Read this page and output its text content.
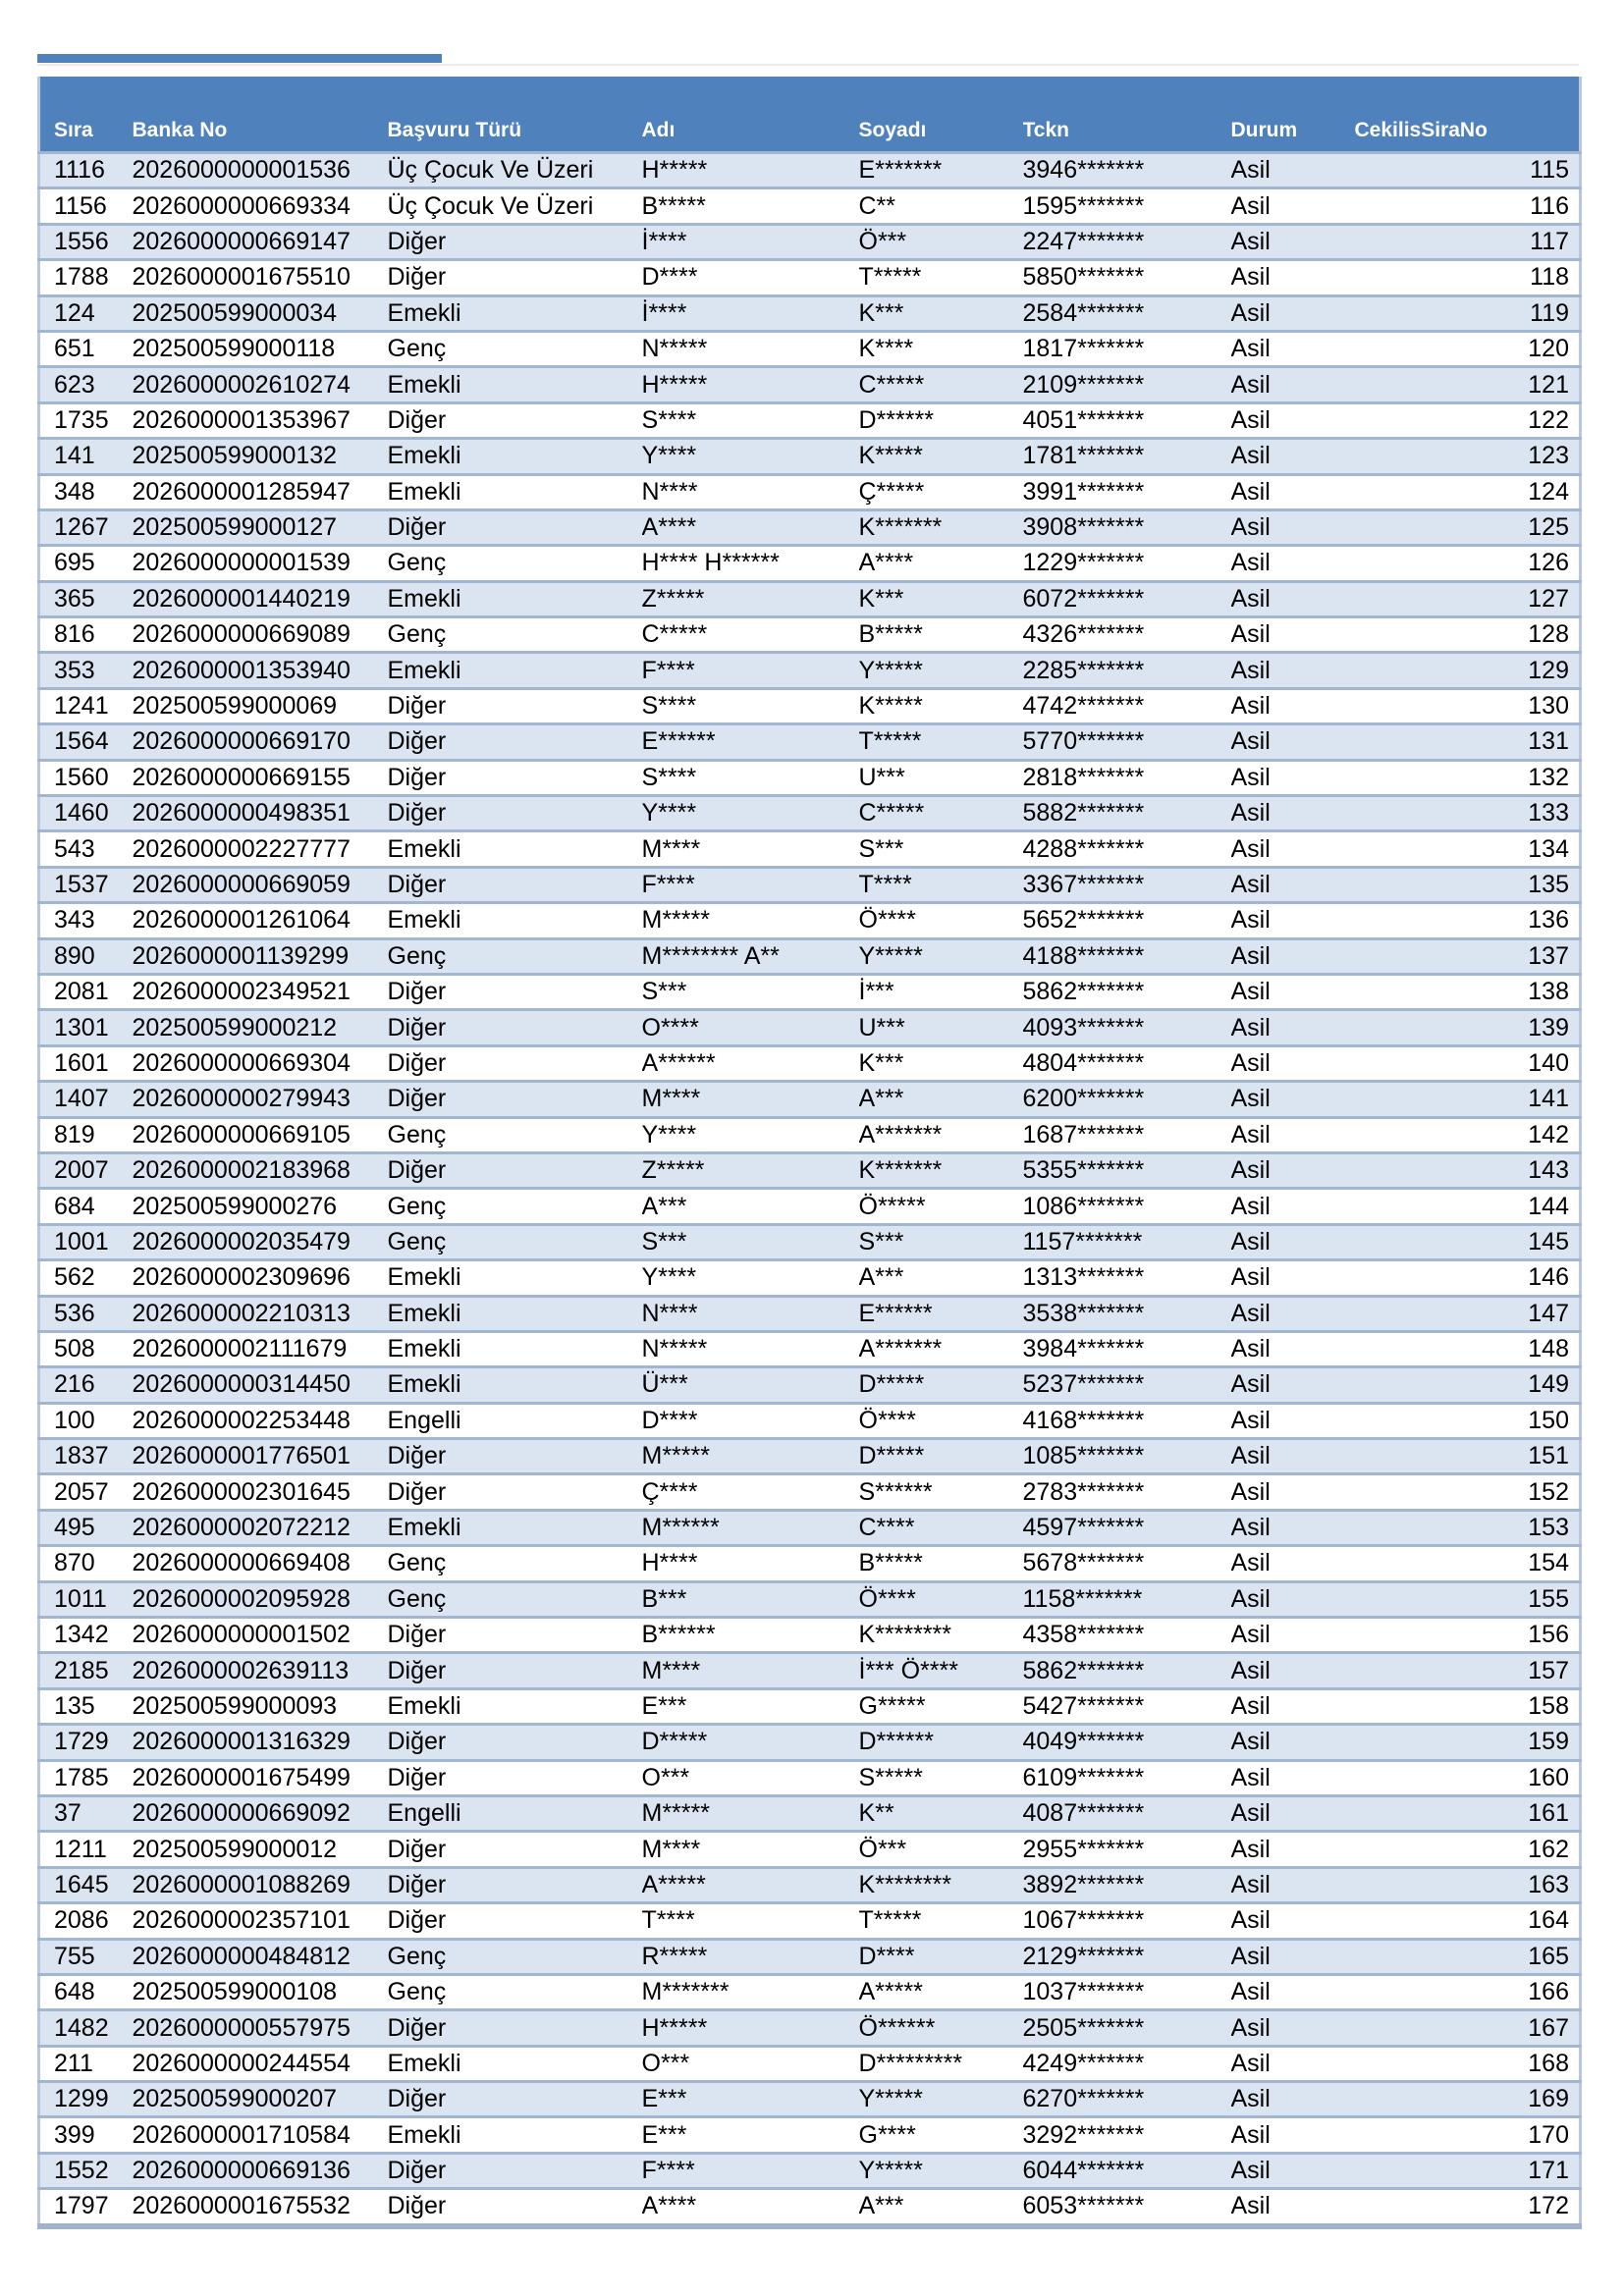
Sıra	Banka No	Başvuru Türü	Adı	Soyadı	Tckn	Durum	CekilisSiraNo
1116	2026000000001536	Üç Çocuk Ve Üzeri	H*****	E*******	3946*******	Asil	115
1156	2026000000669334	Üç Çocuk Ve Üzeri	B*****	C**	1595*******	Asil	116
1556	2026000000669147	Diğer	İ****	Ö***	2247*******	Asil	117
1788	2026000001675510	Diğer	D****	T*****	5850*******	Asil	118
124	202500599000034	Emekli	İ****	K***	2584*******	Asil	119
651	202500599000118	Genç	N*****	K****	1817*******	Asil	120
623	2026000002610274	Emekli	H*****	C*****	2109*******	Asil	121
1735	2026000001353967	Diğer	S****	D******	4051*******	Asil	122
141	202500599000132	Emekli	Y****	K*****	1781*******	Asil	123
348	2026000001285947	Emekli	N****	Ç*****	3991*******	Asil	124
1267	202500599000127	Diğer	A****	K*******	3908*******	Asil	125
695	2026000000001539	Genç	H**** H******	A****	1229*******	Asil	126
365	2026000001440219	Emekli	Z*****	K***	6072*******	Asil	127
816	2026000000669089	Genç	C*****	B*****	4326*******	Asil	128
353	2026000001353940	Emekli	F****	Y*****	2285*******	Asil	129
1241	202500599000069	Diğer	S****	K*****	4742*******	Asil	130
1564	2026000000669170	Diğer	E******	T*****	5770*******	Asil	131
1560	2026000000669155	Diğer	S****	U***	2818*******	Asil	132
1460	2026000000498351	Diğer	Y****	C*****	5882*******	Asil	133
543	2026000002227777	Emekli	M****	S***	4288*******	Asil	134
1537	2026000000669059	Diğer	F****	T****	3367*******	Asil	135
343	2026000001261064	Emekli	M*****	Ö****	5652*******	Asil	136
890	2026000001139299	Genç	M******** A**	Y*****	4188*******	Asil	137
2081	2026000002349521	Diğer	S***	İ***	5862*******	Asil	138
1301	202500599000212	Diğer	O****	U***	4093*******	Asil	139
1601	2026000000669304	Diğer	A******	K***	4804*******	Asil	140
1407	2026000000279943	Diğer	M****	A***	6200*******	Asil	141
819	2026000000669105	Genç	Y****	A*******	1687*******	Asil	142
2007	2026000002183968	Diğer	Z*****	K*******	5355*******	Asil	143
684	202500599000276	Genç	A***	Ö*****	1086*******	Asil	144
1001	2026000002035479	Genç	S***	S***	1157*******	Asil	145
562	2026000002309696	Emekli	Y****	A***	1313*******	Asil	146
536	2026000002210313	Emekli	N****	E******	3538*******	Asil	147
508	2026000002111679	Emekli	N*****	A*******	3984*******	Asil	148
216	2026000000314450	Emekli	Ü***	D*****	5237*******	Asil	149
100	2026000002253448	Engelli	D****	Ö****	4168*******	Asil	150
1837	2026000001776501	Diğer	M*****	D*****	1085*******	Asil	151
2057	2026000002301645	Diğer	Ç****	S******	2783*******	Asil	152
495	2026000002072212	Emekli	M******	C****	4597*******	Asil	153
870	2026000000669408	Genç	H****	B*****	5678*******	Asil	154
1011	2026000002095928	Genç	B***	Ö****	1158*******	Asil	155
1342	2026000000001502	Diğer	B******	K********	4358*******	Asil	156
2185	2026000002639113	Diğer	M****	İ*** Ö****	5862*******	Asil	157
135	202500599000093	Emekli	E***	G*****	5427*******	Asil	158
1729	2026000001316329	Diğer	D*****	D******	4049*******	Asil	159
1785	2026000001675499	Diğer	O***	S*****	6109*******	Asil	160
37	2026000000669092	Engelli	M*****	K**	4087*******	Asil	161
1211	202500599000012	Diğer	M****	Ö***	2955*******	Asil	162
1645	2026000001088269	Diğer	A*****	K********	3892*******	Asil	163
2086	2026000002357101	Diğer	T****	T*****	1067*******	Asil	164
755	2026000000484812	Genç	R*****	D****	2129*******	Asil	165
648	202500599000108	Genç	M*******	A*****	1037*******	Asil	166
1482	2026000000557975	Diğer	H*****	Ö******	2505*******	Asil	167
211	2026000000244554	Emekli	O***	D*********	4249*******	Asil	168
1299	202500599000207	Diğer	E***	Y*****	6270*******	Asil	169
399	2026000001710584	Emekli	E***	G****	3292*******	Asil	170
1552	2026000000669136	Diğer	F****	Y*****	6044*******	Asil	171
1797	2026000001675532	Diğer	A****	A***	6053*******	Asil	172
